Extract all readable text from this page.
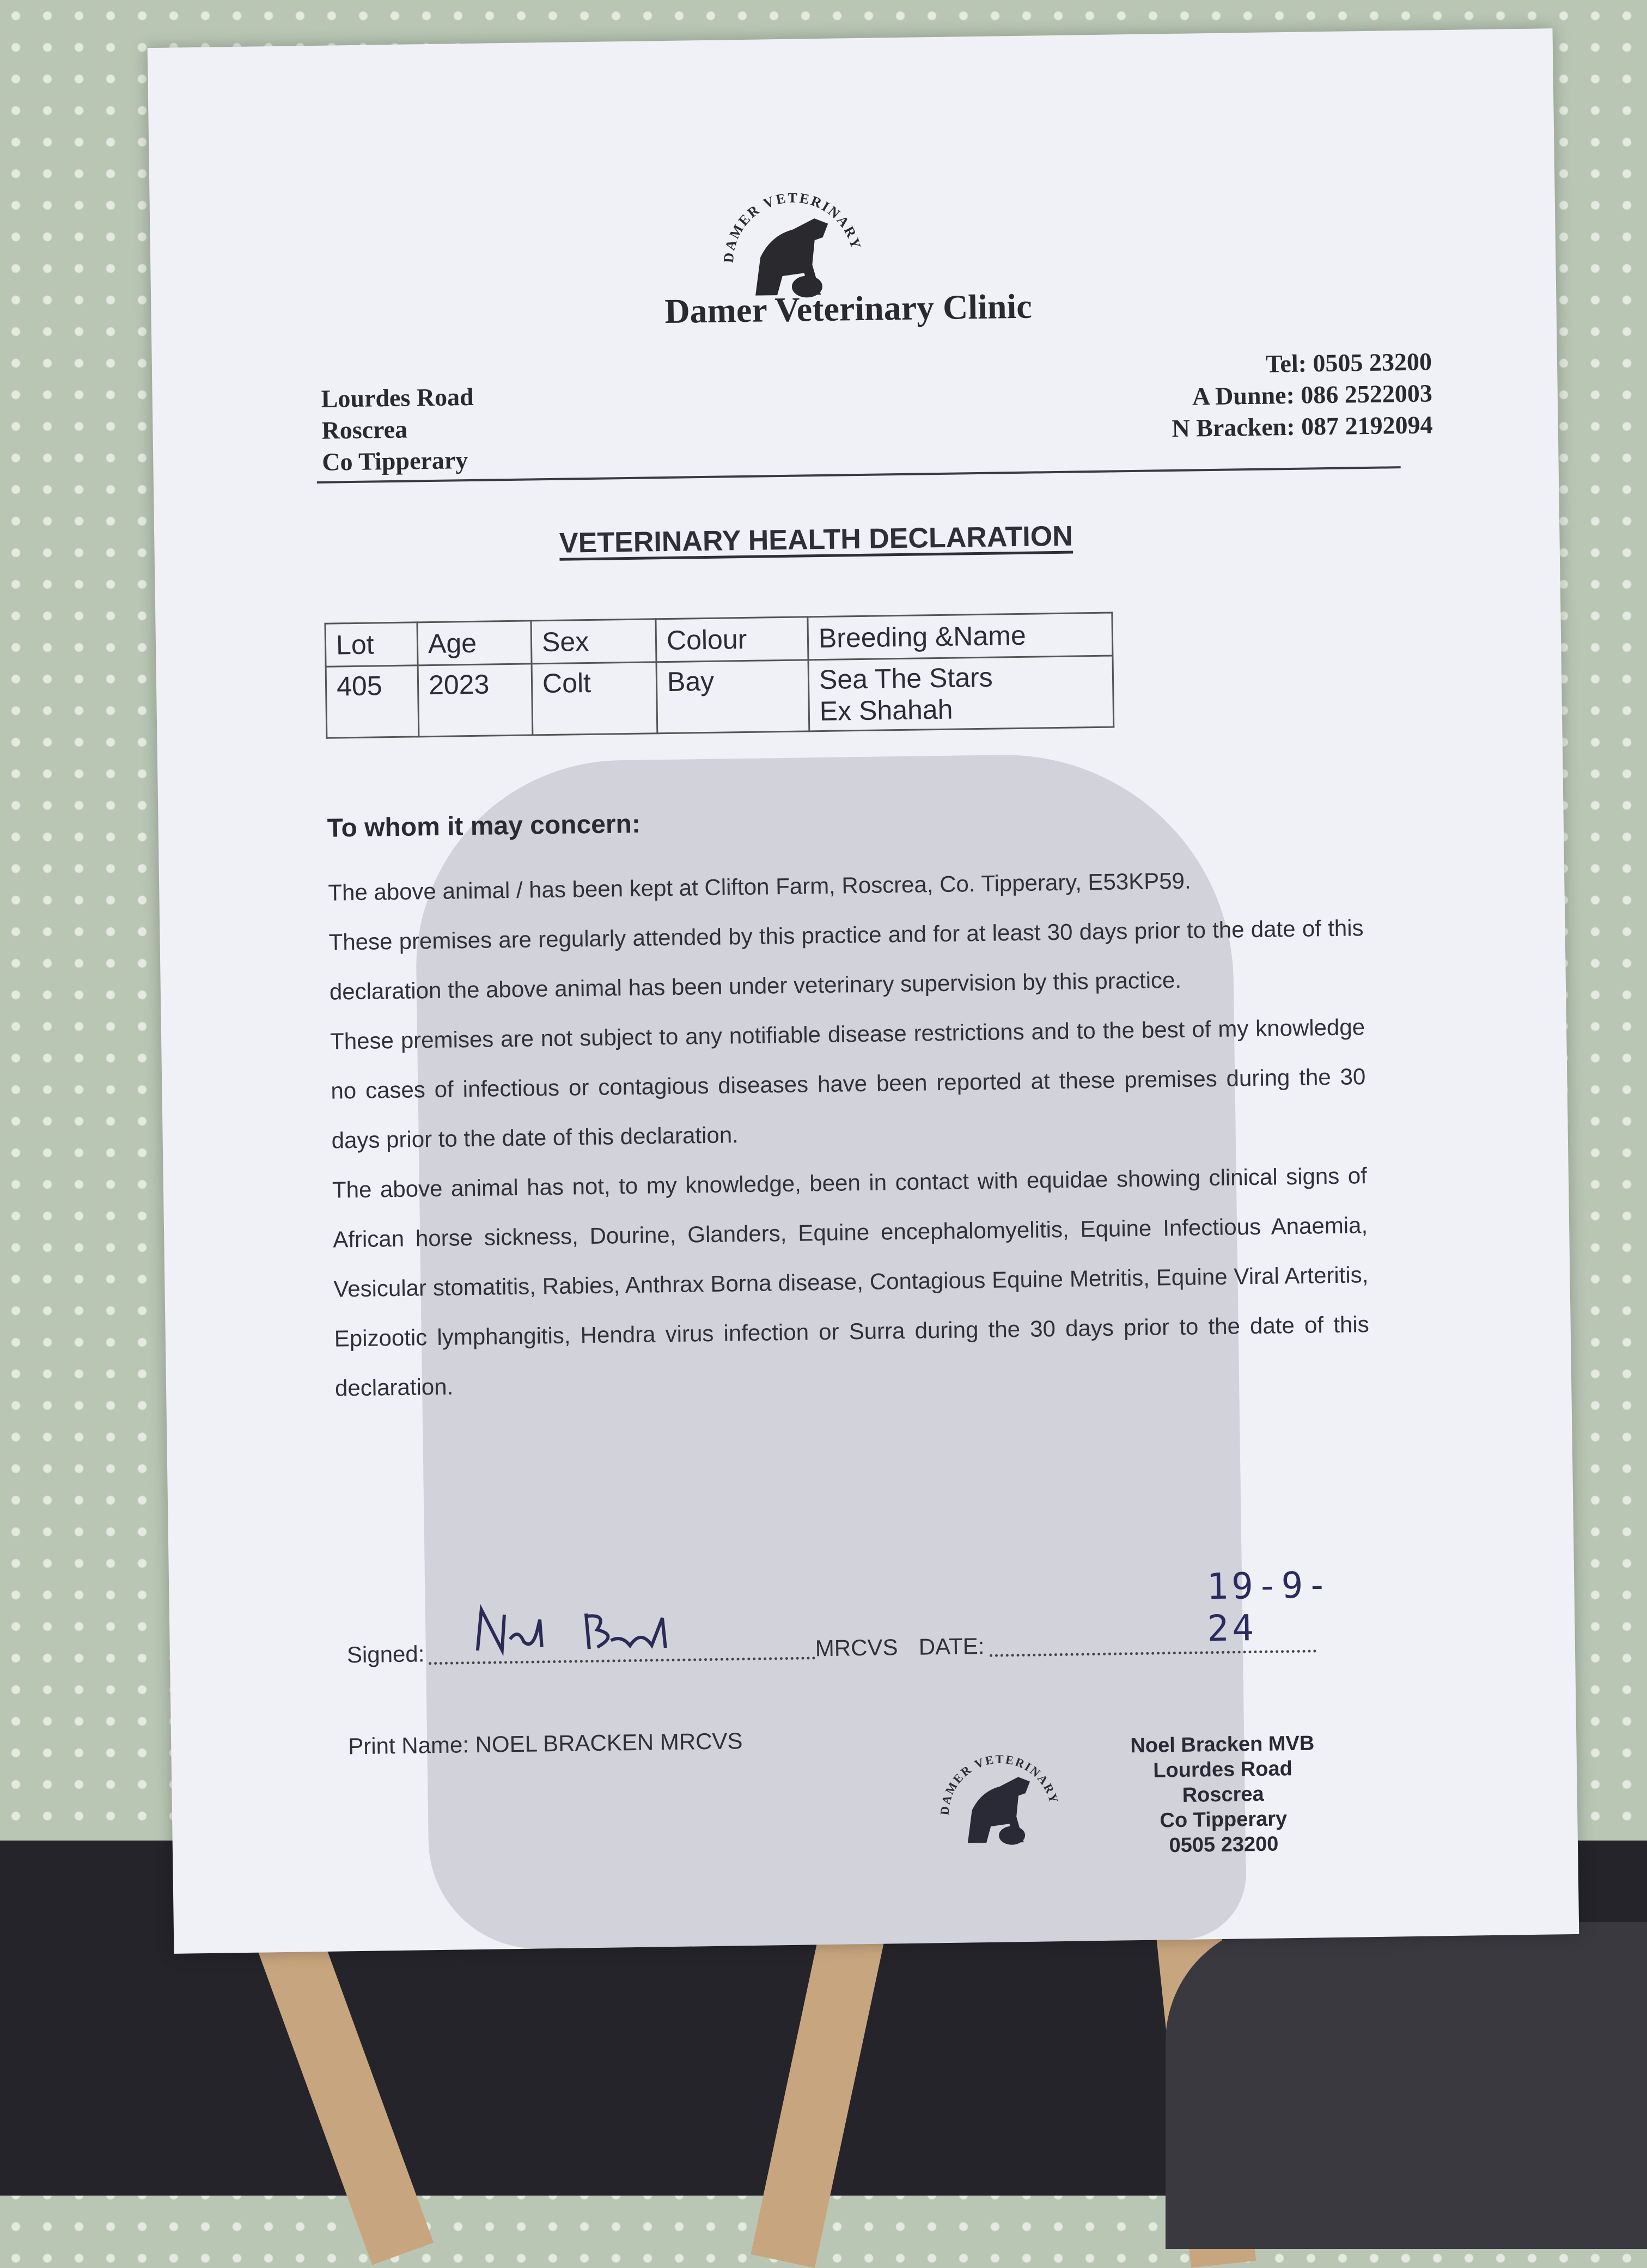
DAMER VETERINARY
Damer Veterinary Clinic
Lourdes Road
Roscrea
Co Tipperary
Tel: 0505 23200
A Dunne: 086 2522003
N Bracken: 087 2192094
VETERINARY HEALTH DECLARATION
Lot	Age	Sex	Colour	Breeding &Name
405	2023	Colt	Bay	Sea The Stars
Ex Shahah
To whom it may concern:

The above animal / has been kept at Clifton Farm, Roscrea, Co. Tipperary, E53KP59.

These premises are regularly attended by this practice and for at least 30 days prior to the date of this declaration the above animal has been under veterinary supervision by this practice.

These premises are not subject to any notifiable disease restrictions and to the best of my knowledge no cases of infectious or contagious diseases have been reported at these premises during the 30 days prior to the date of this declaration.

The above animal has not, to my knowledge, been in contact with equidae showing clinical signs of African horse sickness, Dourine, Glanders, Equine encephalomyelitis, Equine Infectious Anaemia, Vesicular stomatitis, Rabies, Anthrax Borna disease, Contagious Equine Metritis, Equine Viral Arteritis, Epizootic lymphangitis, Hendra virus infection or Surra during the 30 days prior to the date of this declaration.

Signed:	MRCVS DATE:
19-9-24
Print Name: NOEL BRACKEN MRCVS
DAMER VETERINARY
Noel Bracken MVB
Lourdes Road
Roscrea
Co Tipperary
0505 23200
